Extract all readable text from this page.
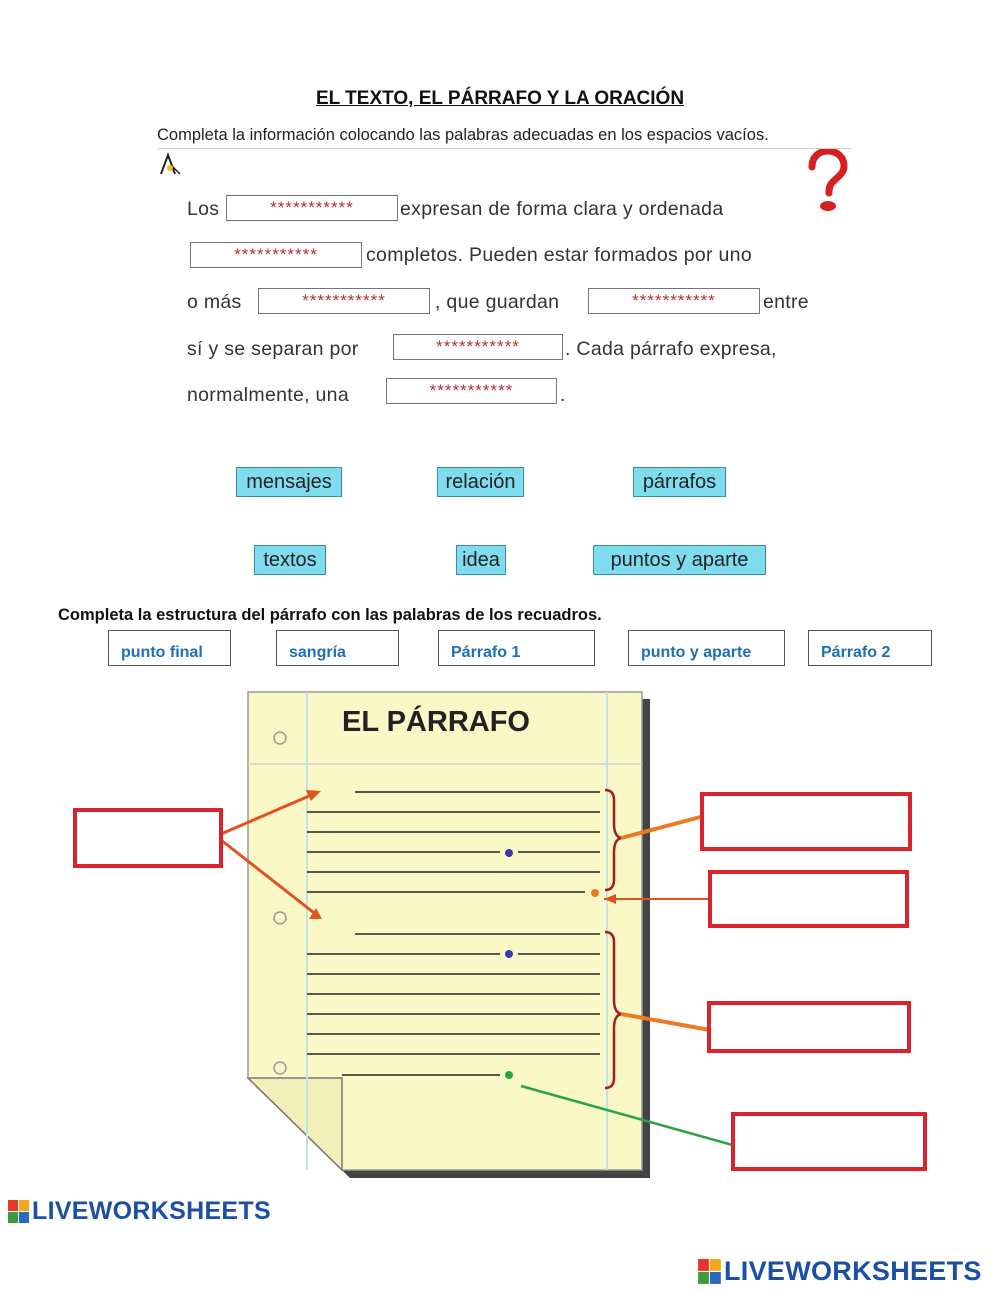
EL TEXTO, EL PÁRRAFO Y LA ORACIÓN
Completa la información colocando las palabras adecuadas en los espacios vacíos.
Los	***********	expresan de forma clara y ordenada
***********	completos. Pueden estar formados por uno
o más	***********	, que guardan	***********	entre
sí y se separan por	***********	. Cada párrafo expresa,
normalmente, una	***********	.
mensajes	relación	párrafos
textos	idea	puntos y aparte
Completa la estructura del párrafo con las palabras de los recuadros.
punto final	sangría	Párrafo 1	punto y aparte	Párrafo 2
EL PÁRRAFO
LIVEWORKSHEETS
LIVEWORKSHEETS
